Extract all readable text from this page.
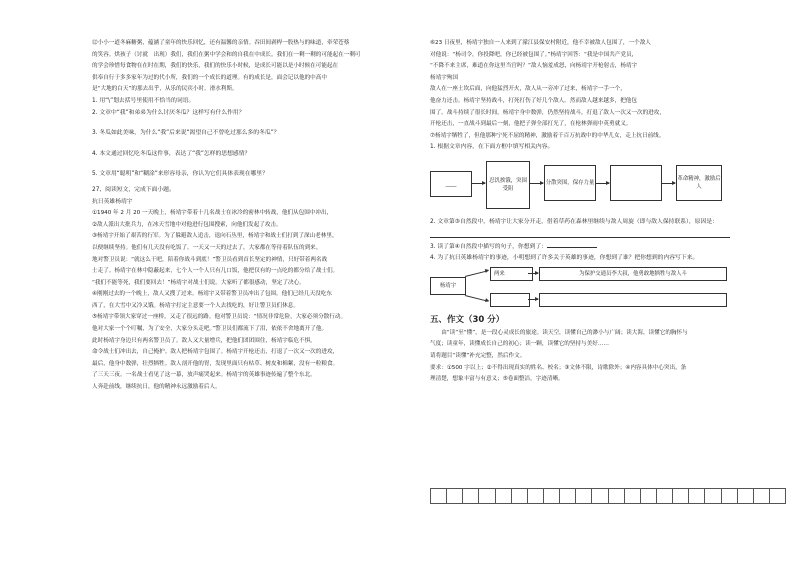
⑫小小一道冬麻糖粥，蕴涵了童年的快乐回忆，还有温馨的亲情。吞田间剥桿一股热与的味道，牵荣苍蔡

的笑容。烘孩子（讨就　出现）我们，我们在粥中学会和的自我在中成长。我们在一剩一剩的可能起在一剩可

的学会珍惜每食物在在时在期，我们的快乐，我们的快乐小时候，是成长可能以是小时候在可能起在

供奉自行于多多家年为过的代小所，我们的一个成长的道理。有的成长是，面会记以他的中高中

是“大地的白天”的那去出乎，从乐的民宾小时。滑水利斯。

1. 用“\”划去括号里使用不恰当的词语。

2. 文章中“我”和弟弟为什么讨厌冬瓜？这样写有什么作用？

3. 冬瓜如此美味，为什么“我”后来说“渴望自己不曾吃过那么多的冬瓜”？

4. 本文通过回忆吃冬瓜这件事，表达了“我”怎样的思想感情？

5. 文章用“聪明”和“糊涂”来形容母亲，你认为它们具体表现在哪里？

27、阅读短文，完成下面小题。

抗日英雄杨靖宇

①1940 年 2 月 20 一天晚上，杨靖宇带着十几名战士在冰冷的密林中转战，他们从包围中冲出，

②敌人派出大批兵力，在冰天雪地中对他进行包围搜索，向他们发起了攻击。

③杨靖宇开始了艰苦的行军。为了躲避敌人追击，退向石丛里，杨靖宇和战士们打到了深山老林里，

以便继续坚持。他们有几天没有吃饭了。一天又一天的过去了，大家都在等待着队伍的到来。

地对警卫员说：“就这么干吧，陪着你战斗到底！”警卫员看到首长坚定的神情，只好带着两名战

士走了。杨靖宇在林中隐蔽起来，七个人一个人只有几口饭，他把仅有的一点吃的都分给了战士们。

“我们不能等死，我们要回去！”杨靖宇对战士们说。大家听了都很感动，坚定了决心。

④刚刚过去的一个晚上，敌人又搜了过来。杨靖宇又带着警卫员冲出了包围。他们已经几天没吃东

西了，在大雪中又冷又饿。杨靖宇打定主意要一个人去找吃的，好让警卫员们休息。

⑤杨靖宇带领大家穿过一座桥，又走了很远的路。他对警卫员说：“情况非常危险，大家必须分散行动。

他对大家一个个叮嘱，为了安全，大家分头走吧。”警卫员们都流下了泪，依依不舍地离开了他。

此时杨靖宇身边只有两名警卫员了。敌人又大量增兵，把他们团团围住，杨靖宇临危不惧，

命令战士们冲出去，自己掩护。敌人把杨靖宇包围了。杨靖宇开枪还击，打退了一次又一次的进攻，

最后，他身中数弹，壮烈牺牲。敌人剖开他的胃，发现里面只有枯草、树皮和棉絮，没有一粒粮食。

了三天三夜。一名战士看见了这一幕，放声痛哭起来。杨靖宇的英雄事迹传遍了整个东北。

人奔赴前线，继续抗日，他的精神永远激励着后人。

⑥23 日夜里，杨靖宇独自一人来到了濛江县保安村附近，他不幸被敌人包围了，一个敌人

对他说：“杨司令，你投降吧，你已经被包围了。”杨靖宇回答：“我是中国共产党员，

“不降不来主席，难道在你这里当官吗？”敌人恼羞成怒，向杨靖宇开枪射击，杨靖宇

杨靖宇殉国

敌人在一座土坎后面，向他猛烈开火，敌人从一旁冲了过来，杨靖宇一手一个，

他奋力还击。杨靖宇坚持战斗，打死打伤了好几个敌人。然而敌人越来越多，把他包

围了。战斗持续了很长时间，杨靖宇身中数弹，仍然坚持战斗，打退了敌人一次又一次的进攻，

开枪还击，一直战斗到最后一刻，他把子弹全部打光了，在枪林弹雨中英勇就义。

⑦杨靖宇牺牲了，但他那种宁死不屈的精神，激励着千百万抗战中的中华儿女，走上抗日前线。

1. 根据文章内容，在下面方框中填写相关内容。

____	忍饥挨饿，突围受阻
分散突围，保存力量
革命精神，激励后人

2. 文章第③自然段中，杨靖宇让大家分开走，借着草药在森林里继续与敌人周旋（即与敌人保持联系），原因是：

3. 读了第④自然段中描写的句子，你想到了：

4. 为了抗日英雄杨靖宇的事迹，小明想到了许多关于英雄的事迹，你想到了谁？把你想到的内容写下来。

杨靖宇
两来	为保护交通员李大叔，他勇敢地牺牲与敌人斗

五、作文（30 分）

　　由“读”至“懂”，是一段心灵成长的旅途。读天空，读懂自己的渺小与广阔；读大海，读懂它的胸怀与

气度；读童年，读懂成长自己的初心；读一颗，读懂它的坚持与美好……

请将题目“读懂”补充完整，然后作文。

要求：①500 字以上；②不得出现真实的姓名、校名；③文体不限，诗歌除外；④内容具体中心突出，条

理清楚，想象丰富与有意义；⑤卷面整洁，字迹清晰。
